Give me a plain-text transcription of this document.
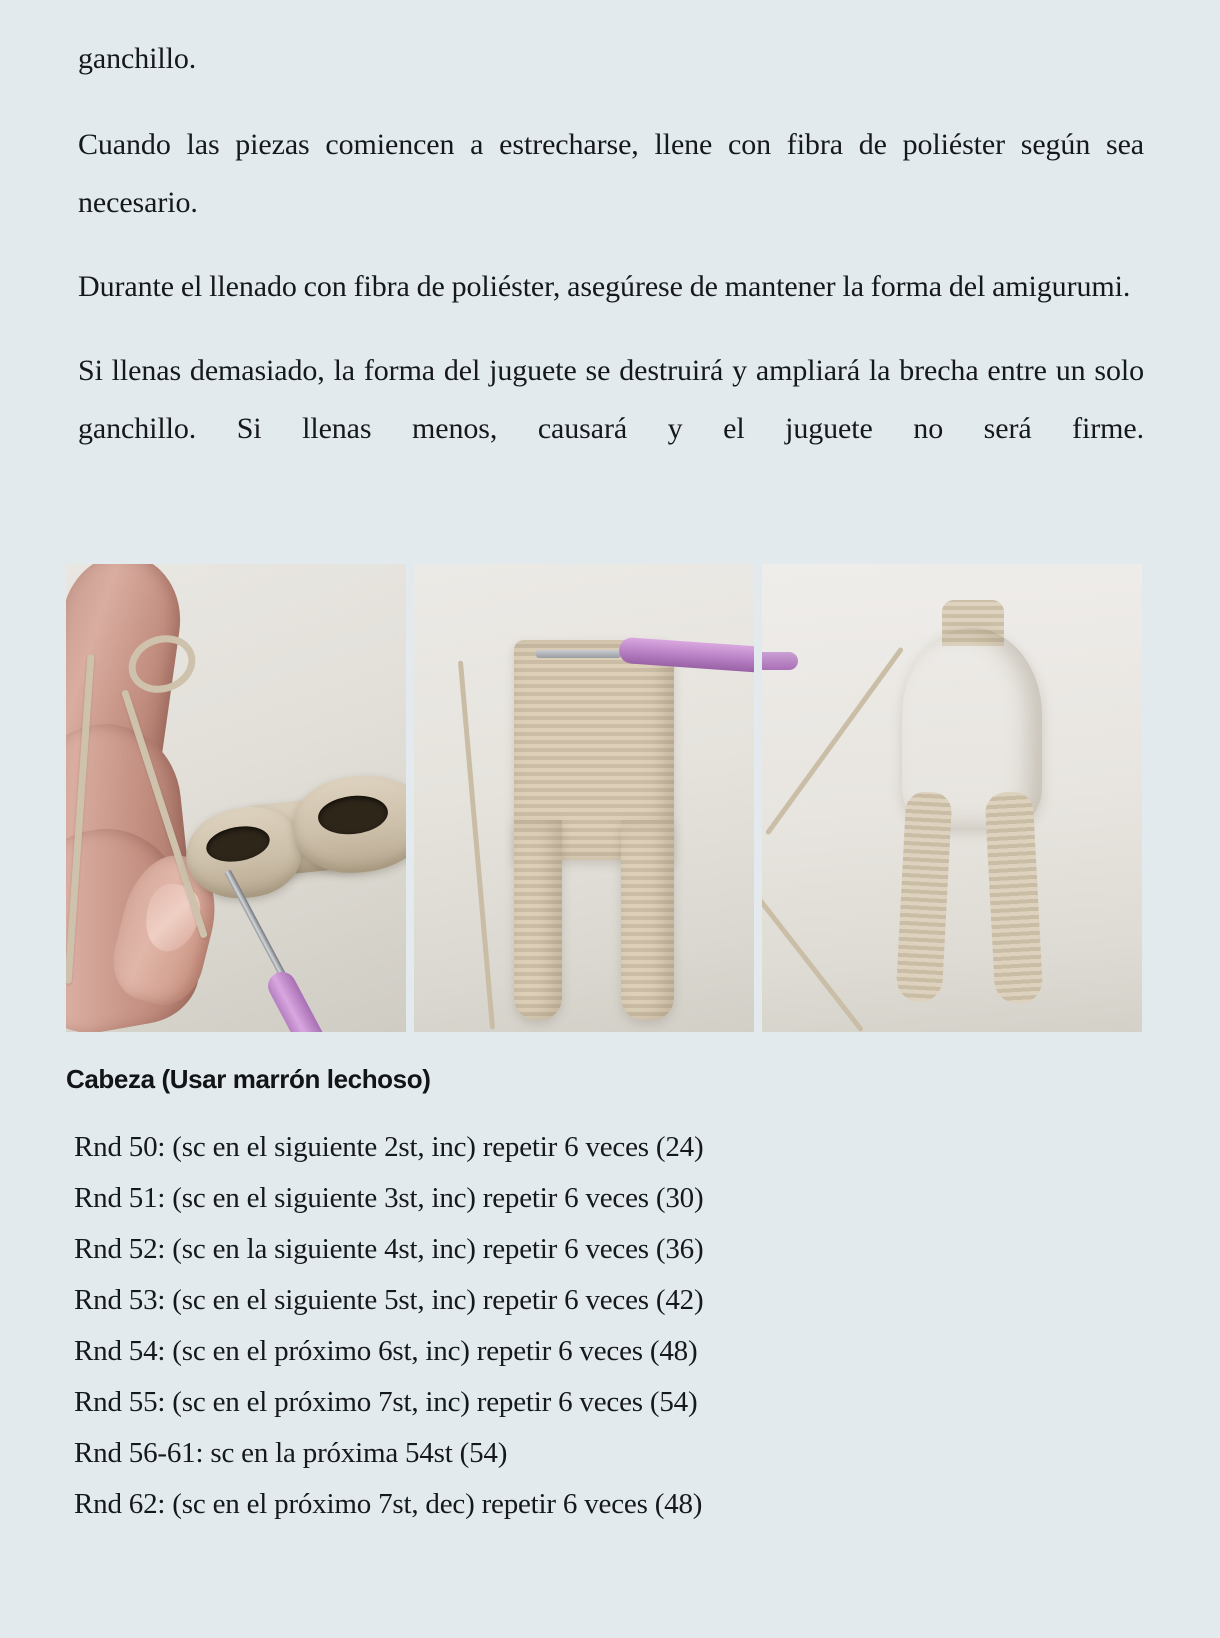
ganchillo.

Cuando las piezas comiencen a estrecharse, llene con fibra de poliéster según sea necesario.

Durante el llenado con fibra de poliéster, asegúrese de mantener la forma del amigurumi.

Si llenas demasiado, la forma del juguete se destruirá y ampliará la brecha entre un solo ganchillo. Si llenas menos, causará y el juguete no será firme.

Cabeza (Usar marrón lechoso)
Rnd 50: (sc en el siguiente 2st, inc) repetir 6 veces (24)
Rnd 51: (sc en el siguiente 3st, inc) repetir 6 veces (30)
Rnd 52: (sc en la siguiente 4st, inc) repetir 6 veces (36)
Rnd 53: (sc en el siguiente 5st, inc) repetir 6 veces (42)
Rnd 54: (sc en el próximo 6st, inc) repetir 6 veces (48)
Rnd 55: (sc en el próximo 7st, inc) repetir 6 veces (54)
Rnd 56-61: sc en la próxima 54st (54)
Rnd 62: (sc en el próximo 7st, dec) repetir 6 veces (48)
